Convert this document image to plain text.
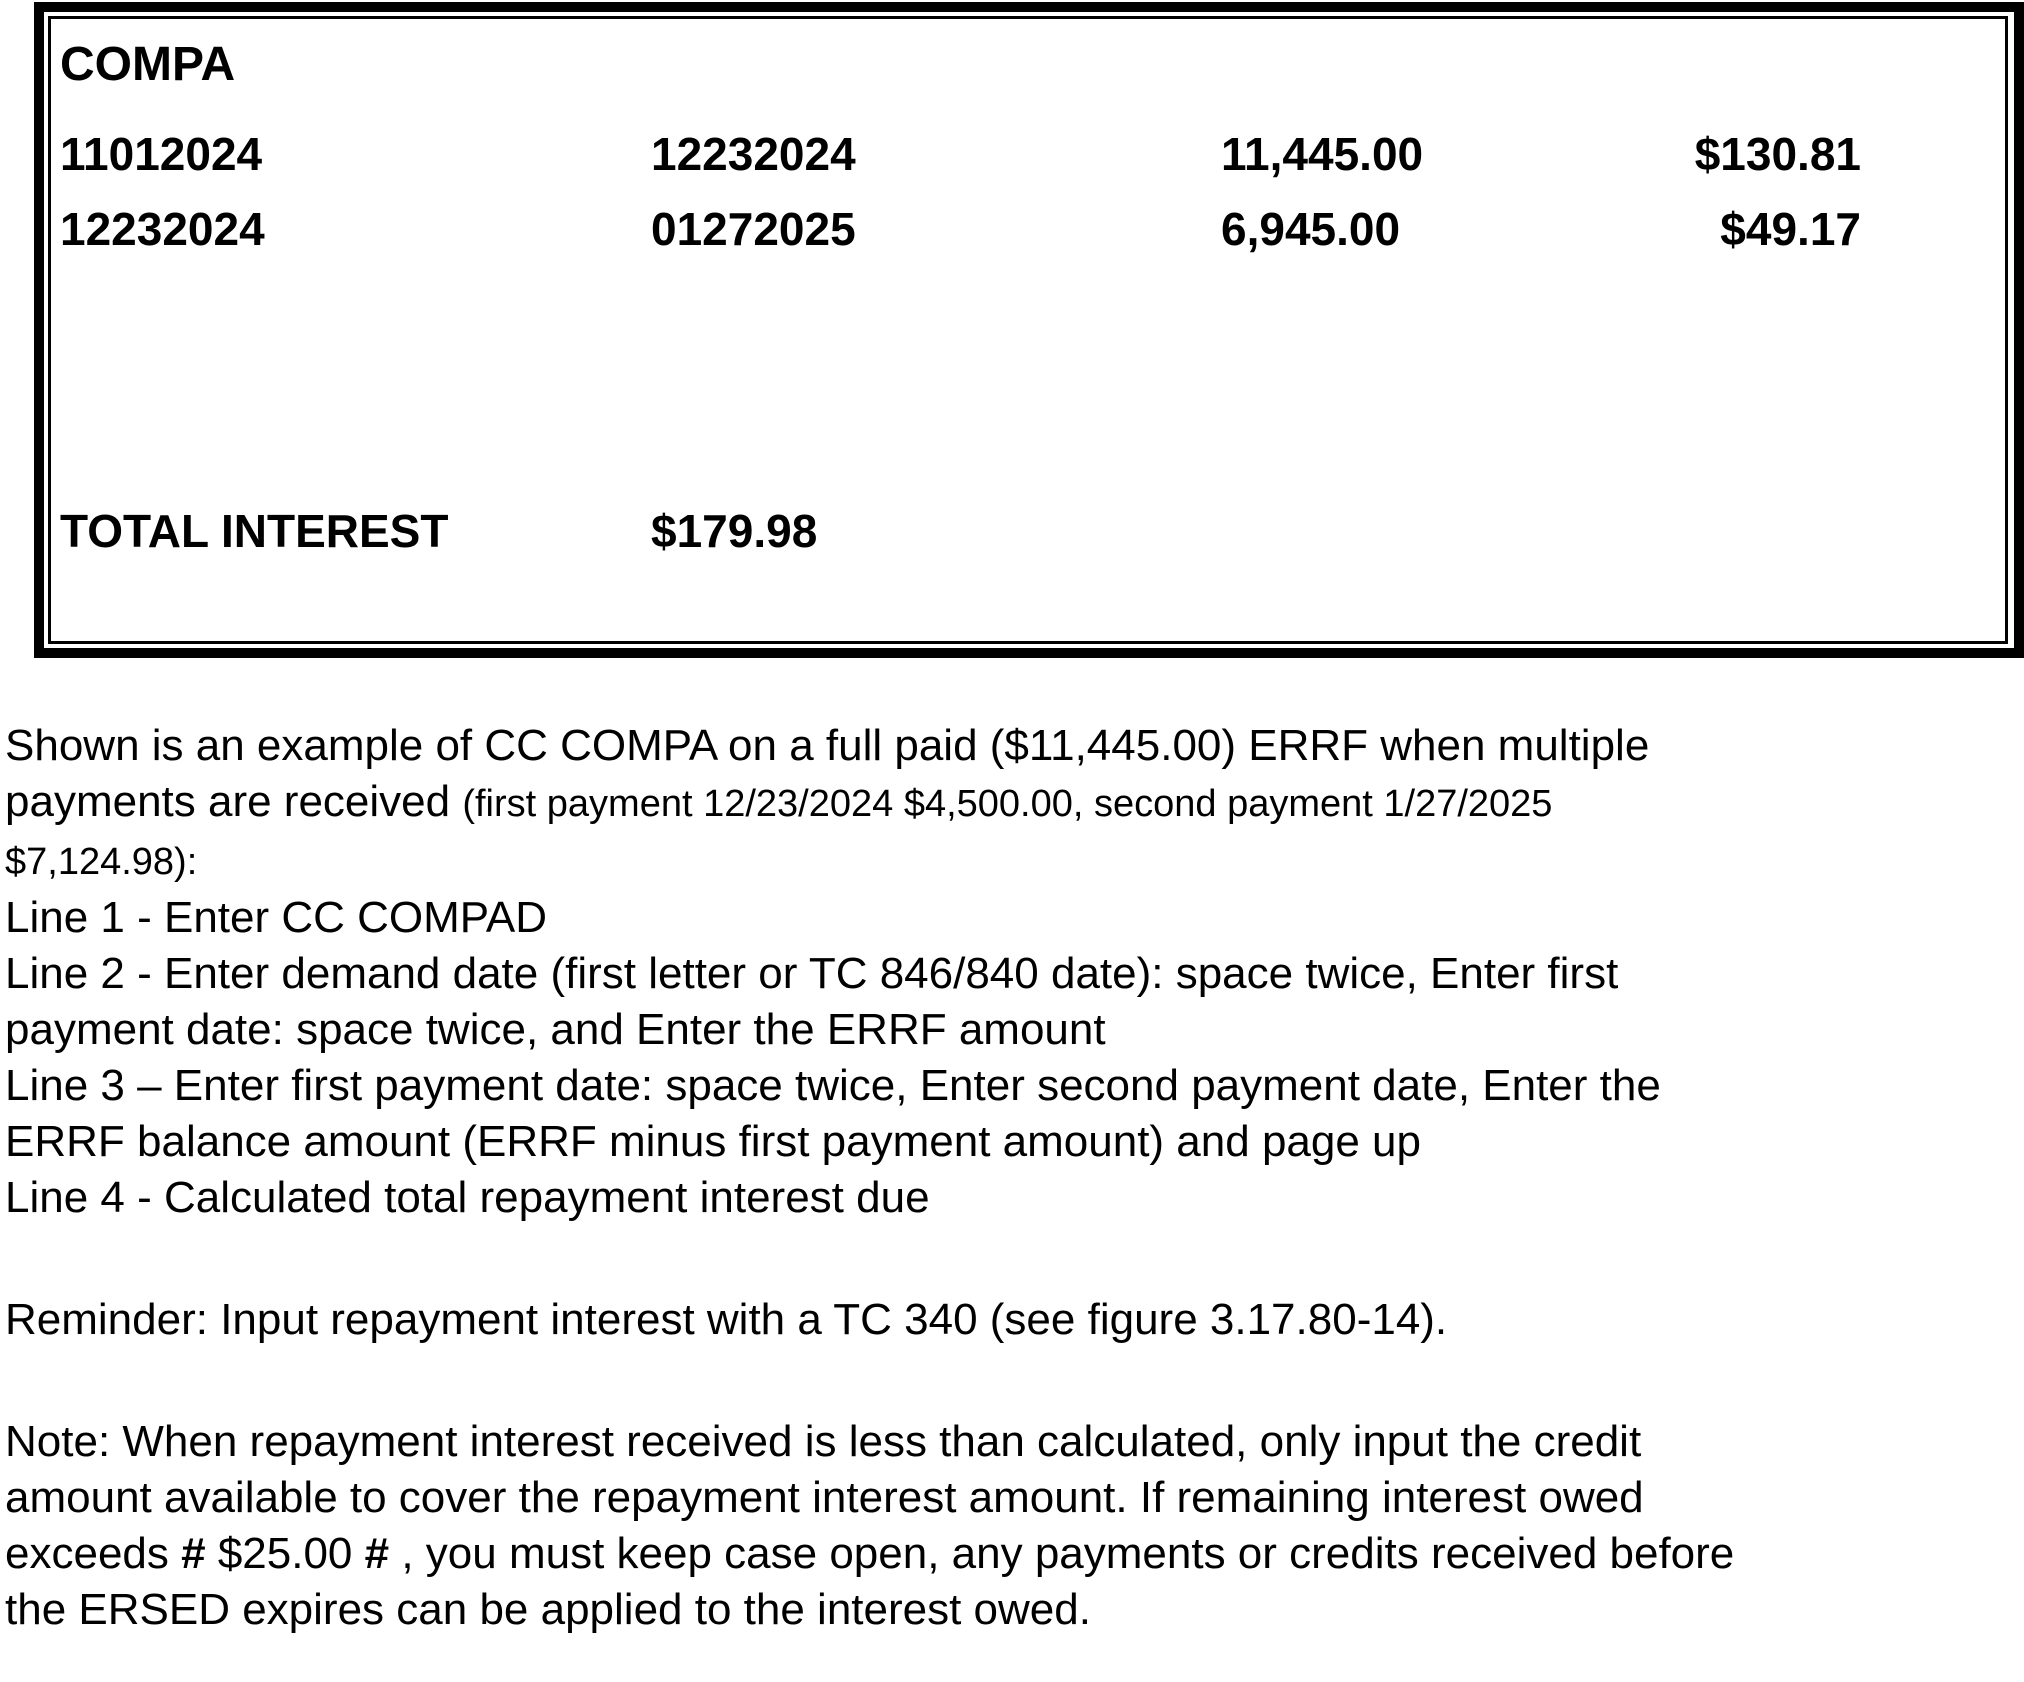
COMPA
11012024	12232024	11,445.00	$130.81
12232024	01272025	6,945.00	$49.17
TOTAL INTEREST	$179.98
Shown is an example of CC COMPA on a full paid ($11,445.00) ERRF when multiple
payments are received (first payment 12/23/2024 $4,500.00, second payment 1/27/2025
$7,124.98):
Line 1 - Enter CC COMPAD
Line 2 - Enter demand date (first letter or TC 846/840 date): space twice, Enter first
payment date: space twice, and Enter the ERRF amount
Line 3 – Enter first payment date: space twice, Enter second payment date, Enter the
ERRF balance amount (ERRF minus first payment amount) and page up
Line 4 - Calculated total repayment interest due
Reminder: Input repayment interest with a TC 340 (see figure 3.17.80-14).
Note: When repayment interest received is less than calculated, only input the credit
amount available to cover the repayment interest amount. If remaining interest owed
exceeds # $25.00 # , you must keep case open, any payments or credits received before
the ERSED expires can be applied to the interest owed.
